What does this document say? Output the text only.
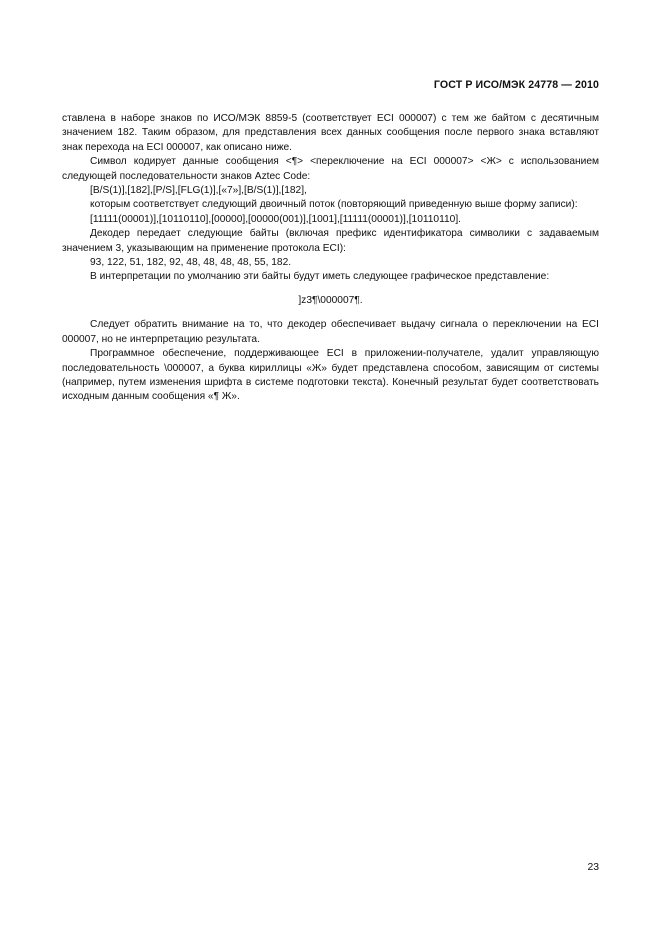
ГОСТ Р ИСО/МЭК 24778 — 2010

ставлена в наборе знаков по ИСО/МЭК 8859-5 (соответствует ECI 000007) с тем же байтом с десятичным значением 182. Таким образом, для представления всех данных сообщения после первого знака вставляют знак перехода на ECI 000007, как описано ниже.

Символ кодирует данные сообщения <¶> <переключение на ECI 000007> <Ж> с использованием следующей последовательности знаков Aztec Code:

[B/S(1)],[182],[P/S],[FLG(1)],[«7»],[B/S(1)],[182],

которым соответствует следующий двоичный поток (повторяющий приведенную выше форму записи):

[11111(00001)],[10110110],[00000],[00000(001)],[1001],[11111(00001)],[10110110].

Декодер передает следующие байты (включая префикс идентификатора символики с задаваемым значением 3, указывающим на применение протокола ECI):

93, 122, 51, 182, 92, 48, 48, 48, 48, 55, 182.

В интерпретации по умолчанию эти байты будут иметь следующее графическое представление:

]z3¶\000007¶.

Следует обратить внимание на то, что декодер обеспечивает выдачу сигнала о переключении на ECI 000007, но не интерпретацию результата.

Программное обеспечение, поддерживающее ECI в приложении-получателе, удалит управляющую последовательность \000007, а буква кириллицы «Ж» будет представлена способом, зависящим от системы (например, путем изменения шрифта в системе подготовки текста). Конечный результат будет соответствовать исходным данным сообщения «¶ Ж».

23
